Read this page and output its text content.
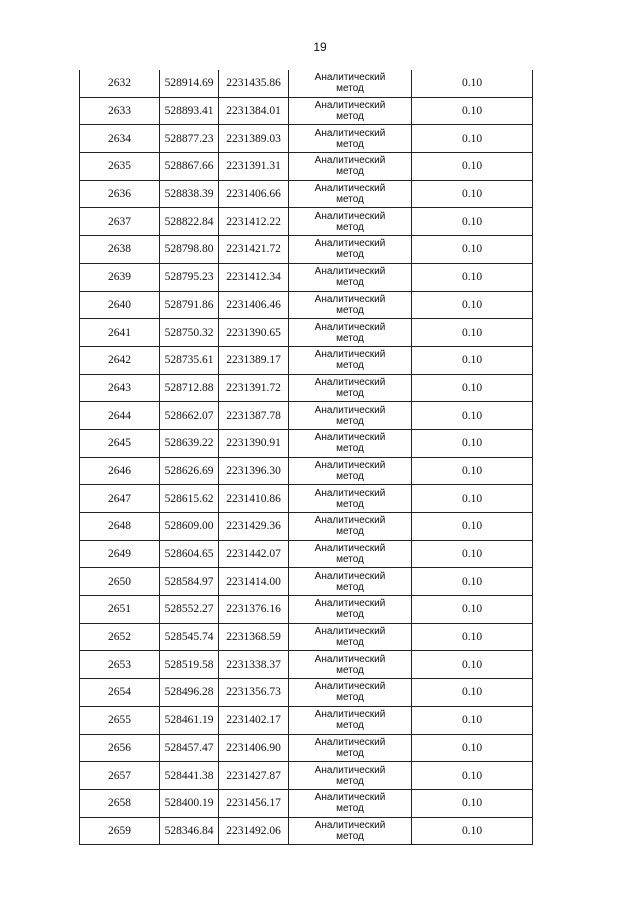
19
2632	528914.69	2231435.86	Аналитический
метод	0.10
2633	528893.41	2231384.01	Аналитический
метод	0.10
2634	528877.23	2231389.03	Аналитический
метод	0.10
2635	528867.66	2231391.31	Аналитический
метод	0.10
2636	528838.39	2231406.66	Аналитический
метод	0.10
2637	528822.84	2231412.22	Аналитический
метод	0.10
2638	528798.80	2231421.72	Аналитический
метод	0.10
2639	528795.23	2231412.34	Аналитический
метод	0.10
2640	528791.86	2231406.46	Аналитический
метод	0.10
2641	528750.32	2231390.65	Аналитический
метод	0.10
2642	528735.61	2231389.17	Аналитический
метод	0.10
2643	528712.88	2231391.72	Аналитический
метод	0.10
2644	528662.07	2231387.78	Аналитический
метод	0.10
2645	528639.22	2231390.91	Аналитический
метод	0.10
2646	528626.69	2231396.30	Аналитический
метод	0.10
2647	528615.62	2231410.86	Аналитический
метод	0.10
2648	528609.00	2231429.36	Аналитический
метод	0.10
2649	528604.65	2231442.07	Аналитический
метод	0.10
2650	528584.97	2231414.00	Аналитический
метод	0.10
2651	528552.27	2231376.16	Аналитический
метод	0.10
2652	528545.74	2231368.59	Аналитический
метод	0.10
2653	528519.58	2231338.37	Аналитический
метод	0.10
2654	528496.28	2231356.73	Аналитический
метод	0.10
2655	528461.19	2231402.17	Аналитический
метод	0.10
2656	528457.47	2231406.90	Аналитический
метод	0.10
2657	528441.38	2231427.87	Аналитический
метод	0.10
2658	528400.19	2231456.17	Аналитический
метод	0.10
2659	528346.84	2231492.06	Аналитический
метод	0.10
